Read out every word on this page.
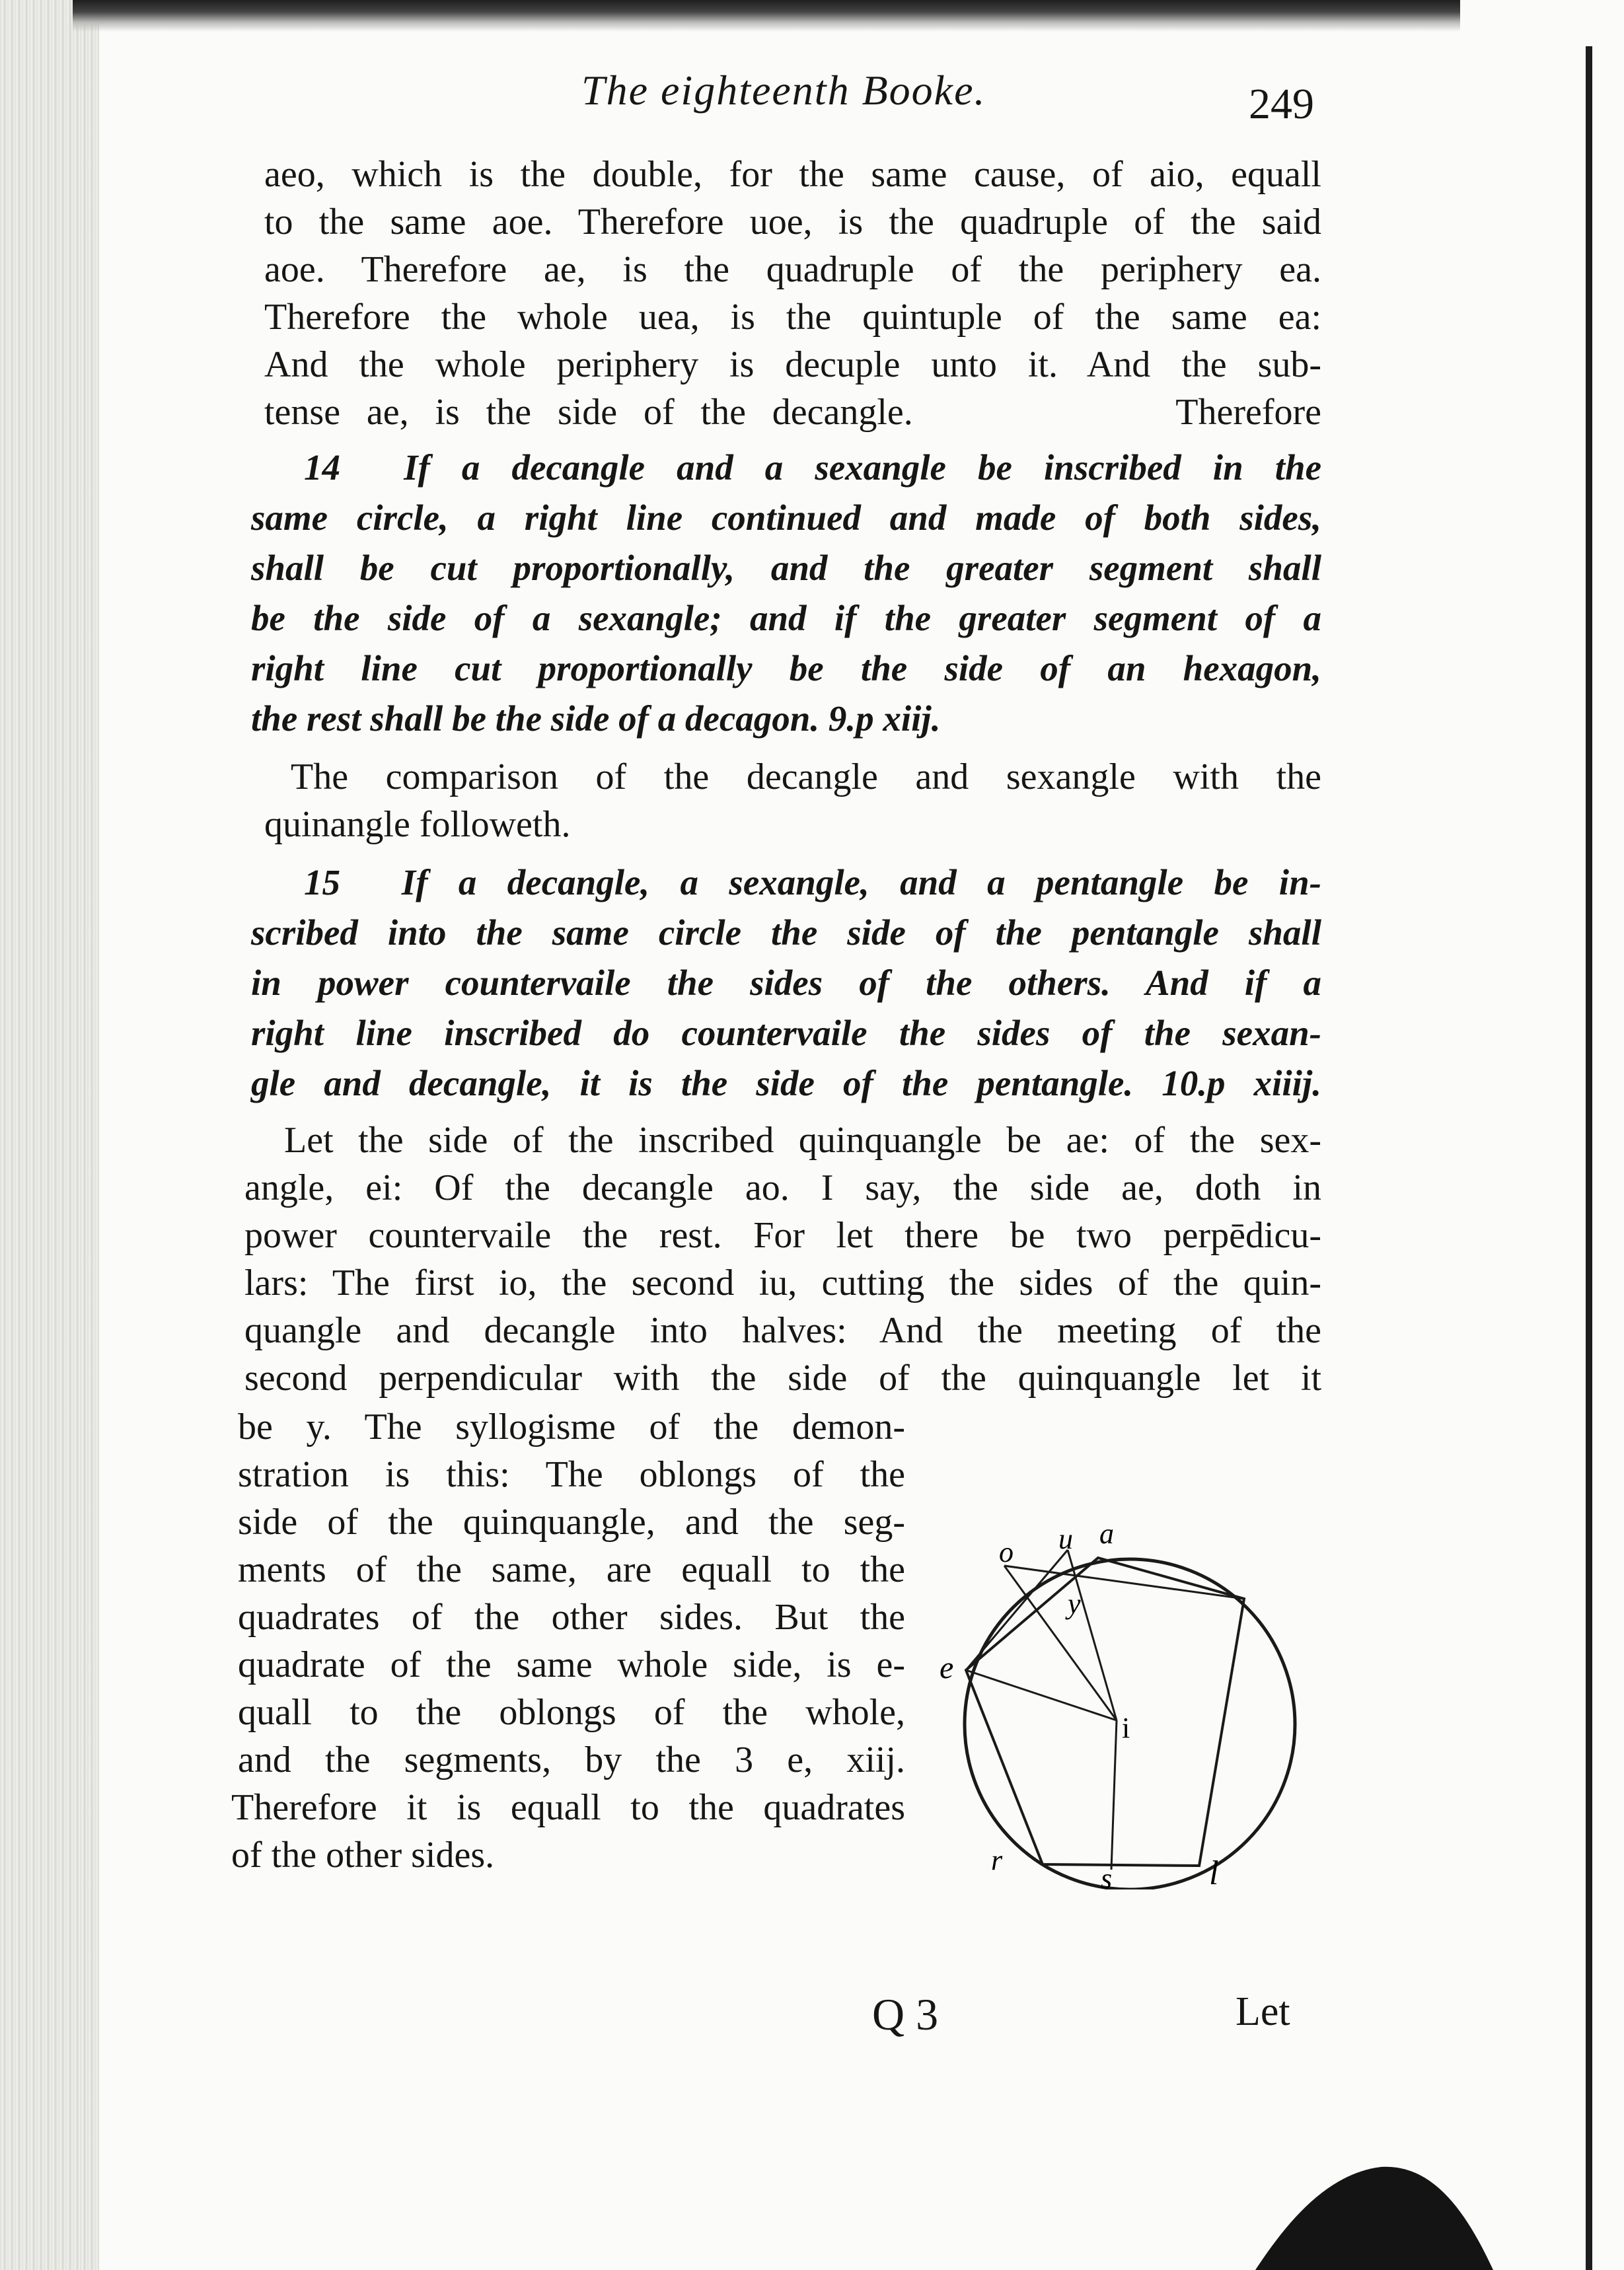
The eighteenth Booke.	249
aeo, which is the double, for the same cause, of aio, equall
to the same aoe. Therefore uoe, is the quadruple of the said
aoe. Therefore ae, is the quadruple of the periphery ea.
Therefore the whole uea, is the quintuple of the same ea:
And the whole periphery is decuple unto it. And the sub-
tense ae, is the side of the decangle.          Therefore
14  If a decangle and a sexangle be inscribed in the
same circle, a right line continued and made of both sides,
shall be cut proportionally, and the greater segment shall
be the side of a sexangle; and if the greater segment of a
right line cut proportionally be the side of an hexagon,
the rest shall be the side of a decagon. 9.p xiij.
The comparison of the decangle and sexangle with the
quinangle followeth.
15  If a decangle, a sexangle, and a pentangle be in-
scribed into the same circle the side of the pentangle shall
in power countervaile the sides of the others. And if a
right line inscribed do countervaile the sides of the sexan-
gle and decangle, it is the side of the pentangle. 10.p xiiij.
Let the side of the inscribed quinquangle be ae: of the sex-
angle, ei: Of the decangle ao. I say, the side ae, doth in
power countervaile the rest. For let there be two perpēdicu-
lars: The first io, the second iu, cutting the sides of the quin-
quangle and decangle into halves: And the meeting of the
second perpendicular with the side of the quinquangle let it
be y. The syllogisme of the demon-
stration is this: The oblongs of the
side of the quinquangle, and the seg-
ments of the same, are equall to the
quadrates of the other sides. But the
quadrate of the same whole side, is e-
quall to the oblongs of the whole,
and the segments, by the 3 e, xiij.
Therefore it is equall to the quadrates
of the other sides.
o u a
y
e
i
r
s	l
Q 3	Let
